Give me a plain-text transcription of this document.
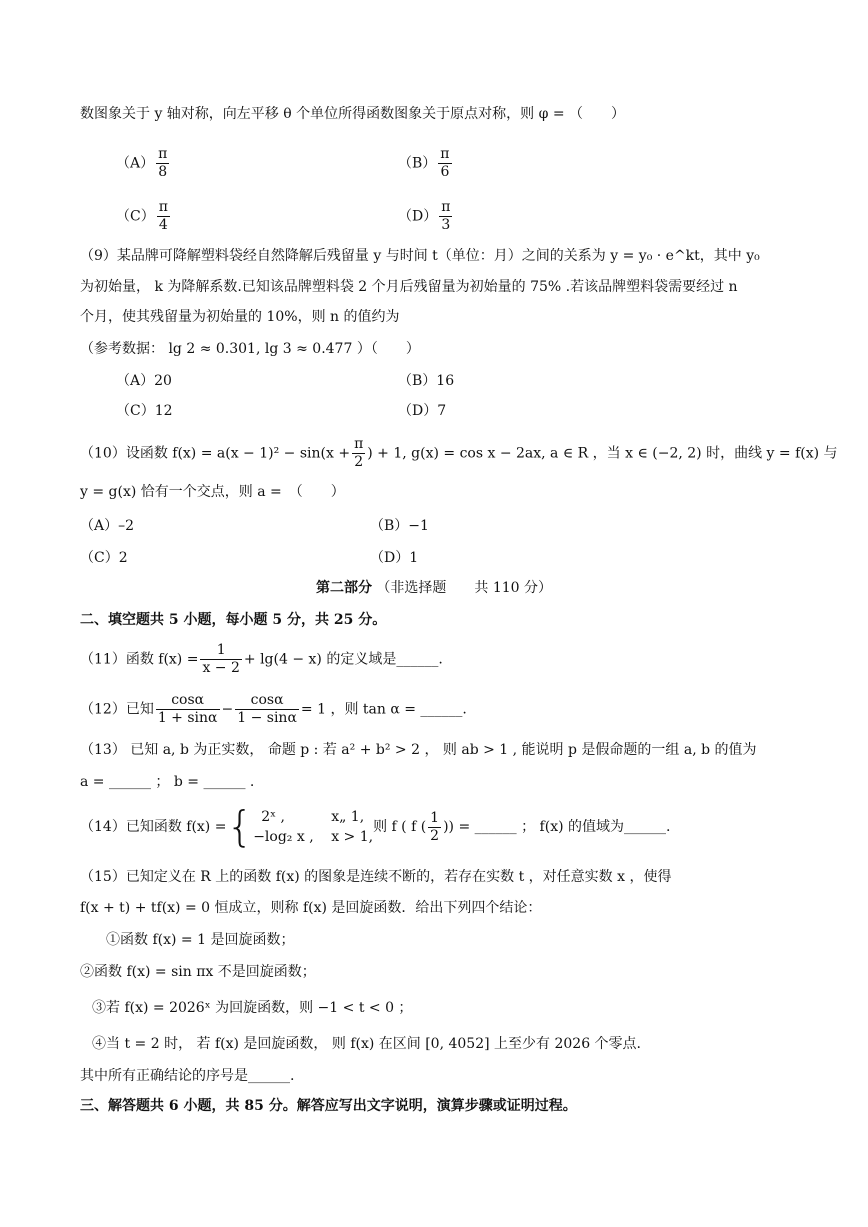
数图象关于 y 轴对称，向左平移 θ 个单位所得函数图象关于原点对称，则 φ = （　　）
$(A) \frac{\pi}{8}$	$(B) \frac{\pi}{6}$
$(C) \frac{\pi}{4}$	$(D) \frac{\pi}{3}$
（9）某品牌可降解塑料袋经自然降解后残留量 y 与时间 t（单位：月）之间的关系为 y = y₀ · e^kt，其中 y₀
为初始量， k 为降解系数.已知该品牌塑料袋 2 个月后残留量为初始量的 75% .若该品牌塑料袋需要经过 n
个月，使其残留量为初始量的 10%，则 n 的值约为
（参考数据： lg 2 ≈ 0.301, lg 3 ≈ 0.477 ）（　　）
（A）20	（B）16
（C）12	（D）7
（10）设函数 $f(x) = a(x - 1)^2 - \sin(x + \frac{\pi}{2}$ ) + 1, g(x) = cos x − 2ax, a ∈ R ，当 x ∈ (−2, 2) 时，曲线 y = f(x) 与
y = g(x) 恰有一个交点，则 a =　（　　）
（A）–2	（B）−1
（C）2	（D）1
第二部分 （非选择题　　共 110 分）
二、填空题共 5 小题，每小题 5 分，共 25 分。
（11）函数 $f(x) = \frac{1}{x - 2} + \lg(4 - x)$ 的定义域是______.
（12）已知 $\frac{\cos\alpha}{1 + \sin\alpha} - \frac{\cos\alpha}{1 - \sin\alpha} = 1$ ，则 tan α = ______.
（13） 已知 a, b 为正实数， 命题 p : 若 a² + b² > 2 ， 则 ab > 1 , 能说明 p 是假命题的一组 a, b 的值为
a = ______ ； b = ______ .
（14）已知函数 f(x) ={ 2ˣ ,	x„ 1,
−log₂ x , x > 1,
则 f ( f ( $\frac{1}{2}$ )) = ______ ； f(x) 的值域为______.
（15）已知定义在 R 上的函数 f(x) 的图象是连续不断的，若存在实数 t ，对任意实数 x ，使得
f(x + t) + tf(x) = 0 恒成立，则称 f(x) 是回旋函数．给出下列四个结论：
①函数 f(x) = 1 是回旋函数；
②函数 f(x) = sin πx 不是回旋函数；
③若 f(x) = 2026ˣ 为回旋函数，则 −1 < t < 0 ；
④当 t = 2 时， 若 f(x) 是回旋函数， 则 f(x) 在区间 [0, 4052] 上至少有 2026 个零点.
其中所有正确结论的序号是______.
三、解答题共 6 小题，共 85 分。解答应写出文字说明，演算步骤或证明过程。
